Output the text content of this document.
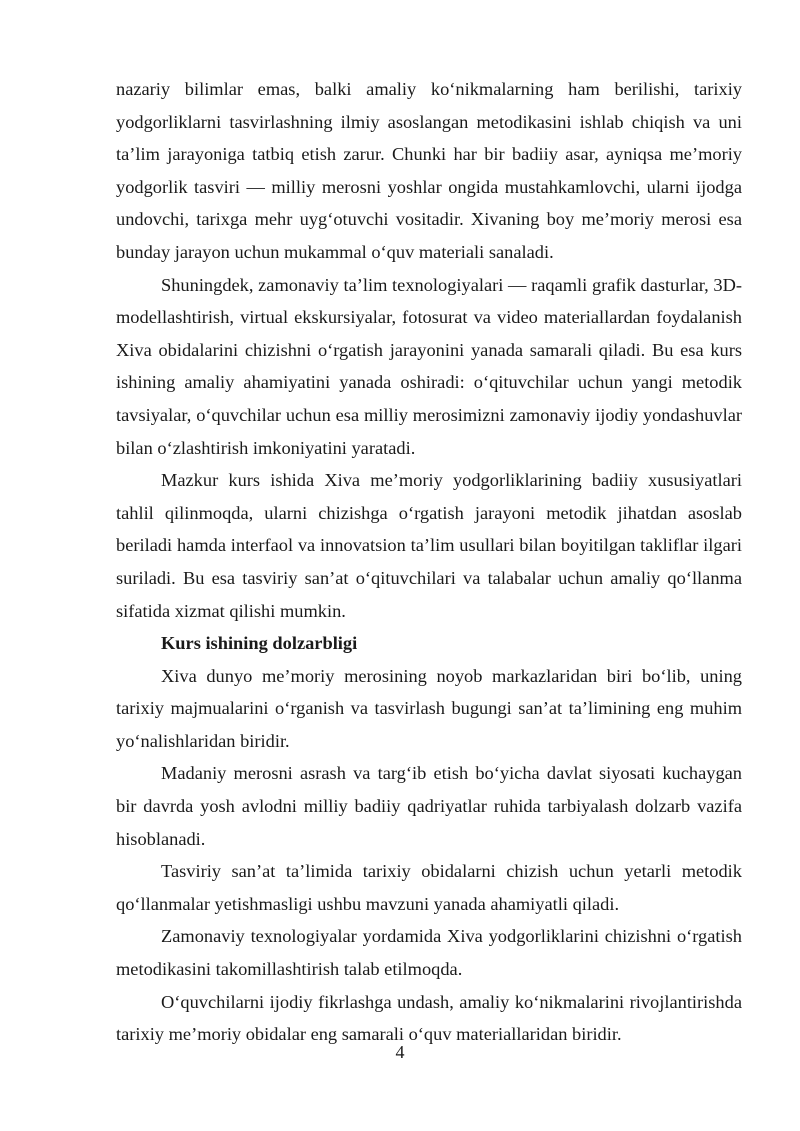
nazariy bilimlar emas, balki amaliy ko‘nikmalarning ham berilishi, tarixiy yodgorliklarni tasvirlashning ilmiy asoslangan metodikasini ishlab chiqish va uni ta’lim jarayoniga tatbiq etish zarur. Chunki har bir badiiy asar, ayniqsa me’moriy yodgorlik tasviri — milliy merosni yoshlar ongida mustahkamlovchi, ularni ijodga undovchi, tarixga mehr uyg‘otuvchi vositadir. Xivaning boy me’moriy merosi esa bunday jarayon uchun mukammal o‘quv materiali sanaladi.

Shuningdek, zamonaviy ta’lim texnologiyalari — raqamli grafik dasturlar, 3D-modellashtirish, virtual ekskursiyalar, fotosurat va video materiallardan foydalanish Xiva obidalarini chizishni o‘rgatish jarayonini yanada samarali qiladi. Bu esa kurs ishining amaliy ahamiyatini yanada oshiradi: o‘qituvchilar uchun yangi metodik tavsiyalar, o‘quvchilar uchun esa milliy merosimizni zamonaviy ijodiy yondashuvlar bilan o‘zlashtirish imkoniyatini yaratadi.

Mazkur kurs ishida Xiva me’moriy yodgorliklarining badiiy xususiyatlari tahlil qilinmoqda, ularni chizishga o‘rgatish jarayoni metodik jihatdan asoslab beriladi hamda interfaol va innovatsion ta’lim usullari bilan boyitilgan takliflar ilgari suriladi. Bu esa tasviriy san’at o‘qituvchilari va talabalar uchun amaliy qo‘llanma sifatida xizmat qilishi mumkin.

Kurs ishining dolzarbligi

Xiva dunyo me’moriy merosining noyob markazlaridan biri bo‘lib, uning tarixiy majmualarini o‘rganish va tasvirlash bugungi san’at ta’limining eng muhim yo‘nalishlaridan biridir.

Madaniy merosni asrash va targ‘ib etish bo‘yicha davlat siyosati kuchaygan bir davrda yosh avlodni milliy badiiy qadriyatlar ruhida tarbiyalash dolzarb vazifa hisoblanadi.

Tasviriy san’at ta’limida tarixiy obidalarni chizish uchun yetarli metodik qo‘llanmalar yetishmasligi ushbu mavzuni yanada ahamiyatli qiladi.

Zamonaviy texnologiyalar yordamida Xiva yodgorliklarini chizishni o‘rgatish metodikasini takomillashtirish talab etilmoqda.

O‘quvchilarni ijodiy fikrlashga undash, amaliy ko‘nikmalarini rivojlantirishda tarixiy me’moriy obidalar eng samarali o‘quv materiallaridan biridir.

4
